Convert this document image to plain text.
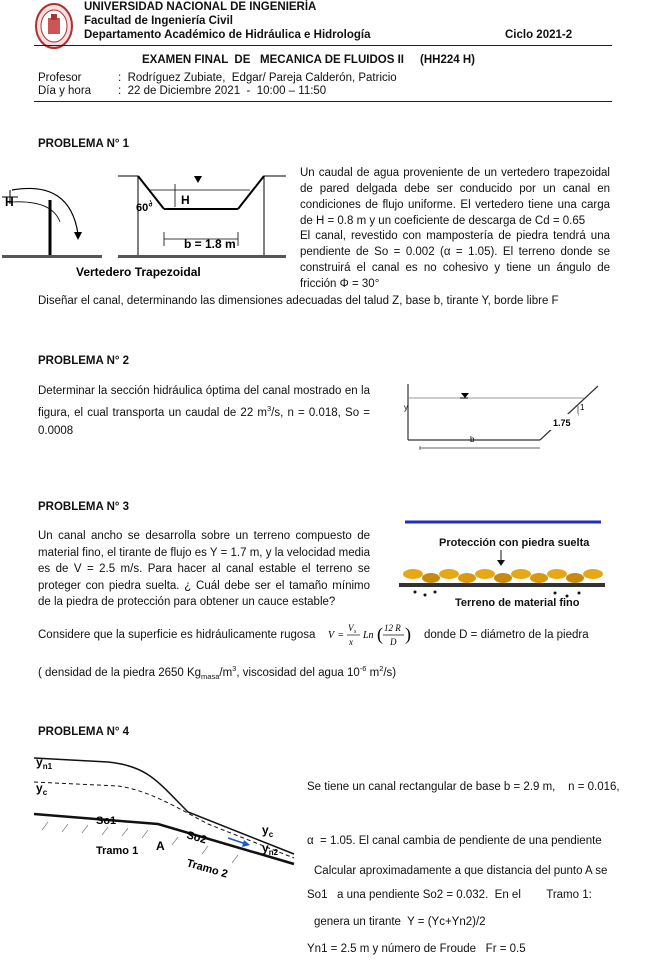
UNIVERSIDAD NACIONAL DE INGENIERÍA
Facultad de Ingeniería Civil
Departamento Académico de Hidráulica e Hidrología	Ciclo 2021-2
EXAMEN FINAL  DE   MECANICA DE FLUIDOS II (HH224 H)
Profesor	:  Rodríguez Zubiate,  Edgar/ Pareja Calderón, Patricio
Día y hora :  22 de Diciembre 2021  -  10:00 – 11:50
PROBLEMA N° 1
H	60°
H
b = 1.8 m
Vertedero Trapezoidal
Un caudal de agua proveniente de un vertedero trapezoidal de pared delgada debe ser conducido por un canal en condiciones de flujo uniforme. El vertedero tiene una carga de H = 0.8 m y un coeficiente de descarga de Cd = 0.65
El canal, revestido con mampostería de piedra tendrá una pendiente de So = 0.002 (α = 1.05). El terreno donde se construirá el canal es no cohesivo y tiene un ángulo de fricción Φ = 30°
Diseñar el canal, determinando las dimensiones adecuadas del talud Z, base b, tirante Y, borde libre F
PROBLEMA N° 2
Determinar la sección hidráulica óptima del canal mostrado en la figura, el cual transporta un caudal de 22 $m^3/s$, n = 0.018, So = 0.0008
y
b
1
1.75
PROBLEMA N° 3
Un canal ancho se desarrolla sobre un terreno compuesto de material fino, el tirante de flujo es Y = 1.7 m, y la velocidad media es de V = 2.5 m/s. Para hacer al canal estable el terreno se proteger con piedra suelta. ¿ Cuál debe ser el tamaño mínimo de la piedra de protección para obtener un cauce estable?
Protección con piedra suelta
Terreno de material fino
Considere que la superficie es hidráulicamente rugosa V =
V s
x
Ln ( 12 R
D ) donde D = diámetro de la piedra
( densidad de la piedra 2650 $Kg_{masa}/m^3$, viscosidad del agua $10^{-6}$ $m^2/s$)
PROBLEMA N° 4
$y_{n1}$
$y_c$
$y_c$
$y_{n2}$
So1
So2
A
Tramo 1
Tramo 2

Se tiene un canal rectangular de base b = 2.9 m,    n = 0.016,

α  = 1.05. El canal cambia de pendiente de una pendiente

So1   a una pendiente So2 = 0.032.  En el        Tramo 1:

Yn1 = 2.5 m y número de Froude   Fr = 0.5

Calcular aproximadamente a que distancia del punto A se

genera un tirante  Y = (Yc+Yn2)/2
